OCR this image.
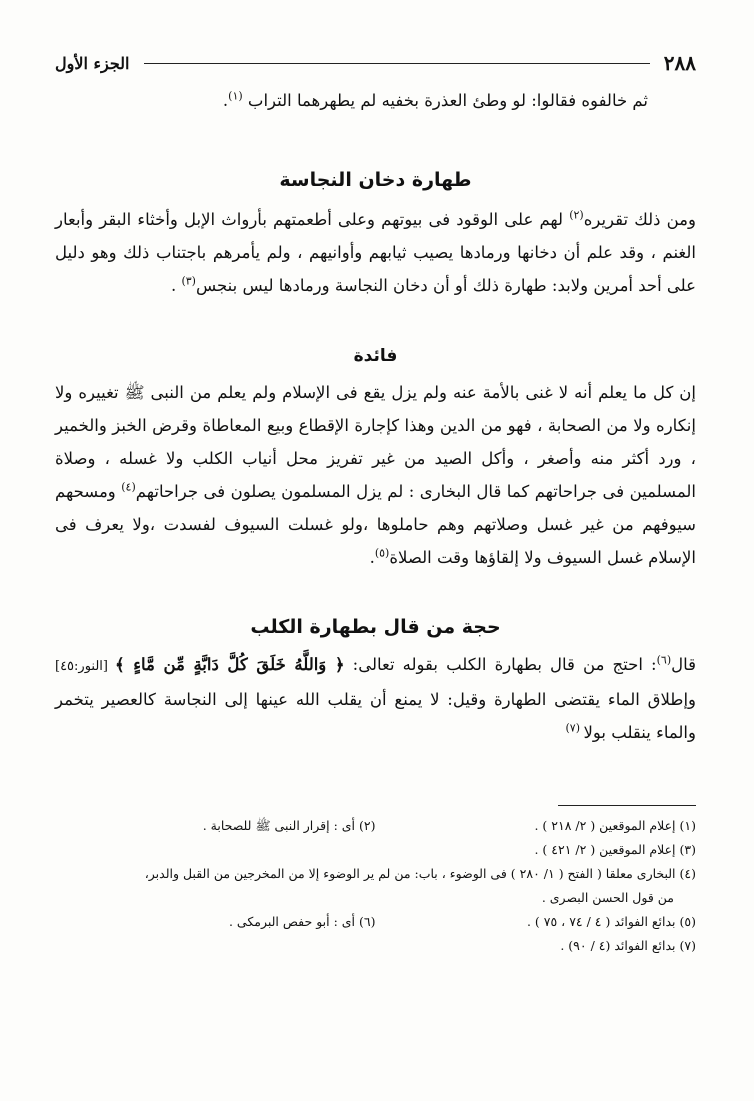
٢٨٨
الجزء الأول

ثم خالفوه فقالوا: لو وطئ العذرة بخفيه لم يطهرهما التراب $^{(١)}$.

طهارة دخان النجاسة

ومن ذلك تقريره$^{(٢)}$ لهم على الوقود فى بيوتهم وعلى أطعمتهم بأرواث الإبل وأخثاء البقر وأبعار الغنم ، وقد علم أن دخانها ورمادها يصيب ثيابهم وأوانيهم ، ولم يأمرهم باجتناب ذلك وهو دليل على أحد أمرين ولابد: طهارة ذلك أو أن دخان النجاسة ورمادها ليس بنجس$^{(٣)}$ .

فائدة

إن كل ما يعلم أنه لا غنى بالأمة عنه ولم يزل يقع فى الإسلام ولم يعلم من النبى ﷺ تغييره ولا إنكاره ولا من الصحابة ، فهو من الدين وهذا كإجارة الإقطاع وبيع المعاطاة وقرض الخبز والخمير ، ورد أكثر منه وأصغر ، وأكل الصيد من غير تفريز محل أنياب الكلب ولا غسله ، وصلاة المسلمين فى جراحاتهم كما قال البخارى : لم يزل المسلمون يصلون فى جراحاتهم$^{(٤)}$ ومسحهم سيوفهم من غير غسل وصلاتهم وهم حاملوها ،ولو غسلت السيوف لفسدت ،ولا يعرف فى الإسلام غسل السيوف ولا إلقاؤها وقت الصلاة$^{(٥)}$.

حجة من قال بطهارة الكلب

قال$^{(٦)}$: احتج من قال بطهارة الكلب بقوله تعالى: ﴿ وَاللَّهُ خَلَقَ كُلَّ دَابَّةٍ مِّن مَّاءٍ ﴾ [النور:٤٥] وإطلاق الماء يقتضى الطهارة وقيل: لا يمنع أن يقلب الله عينها إلى النجاسة كالعصير يتخمر والماء ينقلب بولا $^{(٧)}$

(١) إعلام الموقعين ( ٢/ ٢١٨ ) .
(٢) أى : إقرار النبى ﷺ للصحابة .
(٣) إعلام الموقعين ( ٢/ ٤٢١ ) .
(٤) البخارى معلقا ( الفتح ( ١/ ٢٨٠ ) فى الوضوء ، باب: من لم ير الوضوء إلا من المخرجين من القبل والدبر،
من قول الحسن البصرى .
(٥) بدائع الفوائد ( ٤ / ٧٤ ، ٧٥ ) .
(٦) أى : أبو حفص البرمكى .
(٧) بدائع الفوائد (٤ / ٩٠) .
